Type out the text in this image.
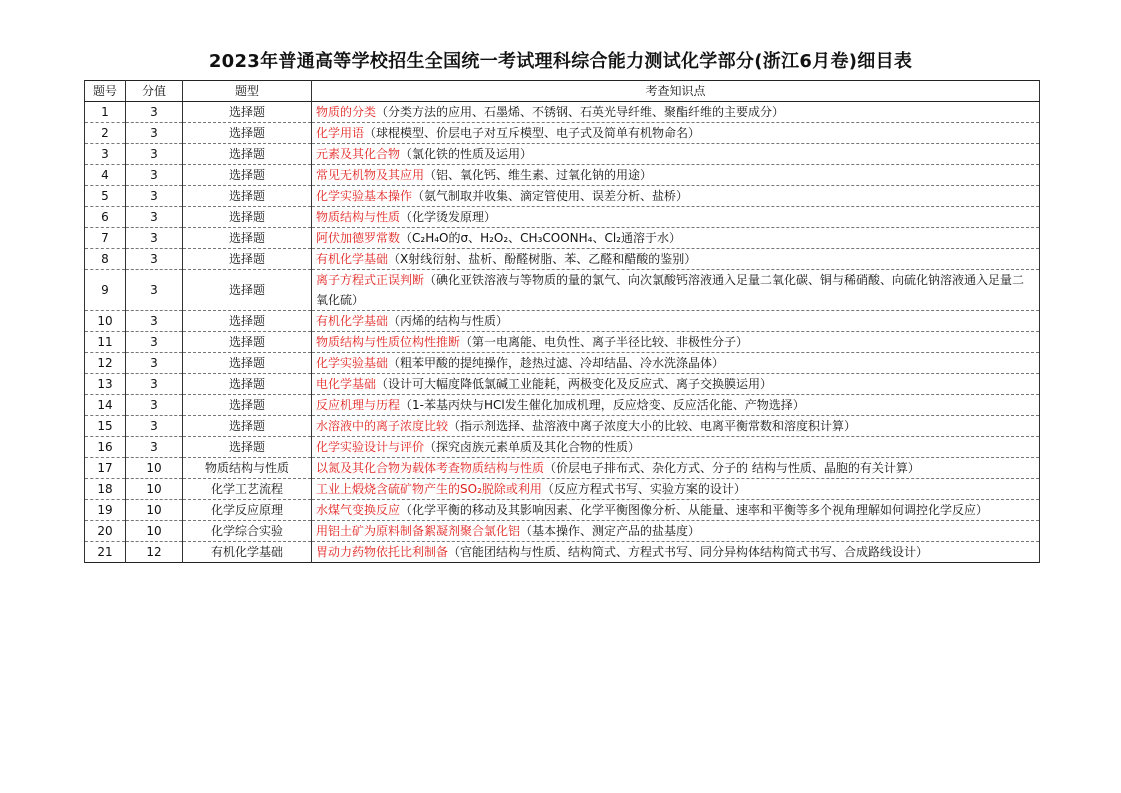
2023年普通高等学校招生全国统一考试理科综合能力测试化学部分(浙江6月卷)细目表
题号	分值	题型	考查知识点
1	3	选择题	物质的分类（分类方法的应用、石墨烯、不锈钢、石英光导纤维、聚酯纤维的主要成分）
2	3	选择题	化学用语（球棍模型、价层电子对互斥模型、电子式及简单有机物命名）
3	3	选择题	元素及其化合物（氯化铁的性质及运用）
4	3	选择题	常见无机物及其应用（铝、氧化钙、维生素、过氧化钠的用途）
5	3	选择题	化学实验基本操作（氨气制取并收集、滴定管使用、误差分析、盐桥）
6	3	选择题	物质结构与性质（化学烫发原理）
7	3	选择题	阿伏加德罗常数（C₂H₄O的σ、H₂O₂、CH₃COONH₄、Cl₂通溶于水）
8	3	选择题	有机化学基础（X射线衍射、盐析、酚醛树脂、苯、乙醛和醋酸的鉴别）
9	3	选择题	离子方程式正误判断（碘化亚铁溶液与等物质的量的氯气、向次氯酸钙溶液通入足量二氧化碳、铜与稀硝酸、向硫化钠溶液通入足量二氧化硫）
10	3	选择题	有机化学基础（丙烯的结构与性质）
11	3	选择题	物质结构与性质位构性推断（第一电离能、电负性、离子半径比较、非极性分子）
12	3	选择题	化学实验基础（粗苯甲酸的提纯操作，趁热过滤、冷却结晶、冷水洗涤晶体）
13	3	选择题	电化学基础（设计可大幅度降低氯碱工业能耗，两极变化及反应式、离子交换膜运用）
14	3	选择题	反应机理与历程（1-苯基丙炔与HCl发生催化加成机理，反应焓变、反应活化能、产物选择）
15	3	选择题	水溶液中的离子浓度比较（指示剂选择、盐溶液中离子浓度大小的比较、电离平衡常数和溶度积计算）
16	3	选择题	化学实验设计与评价（探究卤族元素单质及其化合物的性质）
17	10	物质结构与性质	以氮及其化合物为载体考查物质结构与性质（价层电子排布式、杂化方式、分子的 结构与性质、晶胞的有关计算）
18	10	化学工艺流程	工业上煅烧含硫矿物产生的SO₂脱除或利用（反应方程式书写、实验方案的设计）
19	10	化学反应原理	水煤气变换反应（化学平衡的移动及其影响因素、化学平衡图像分析、从能量、速率和平衡等多个视角理解如何调控化学反应）
20	10	化学综合实验	用铝土矿为原料制备絮凝剂聚合氯化铝（基本操作、测定产品的盐基度）
21	12	有机化学基础	胃动力药物依托比利制备（官能团结构与性质、结构简式、方程式书写、同分异构体结构简式书写、合成路线设计）
